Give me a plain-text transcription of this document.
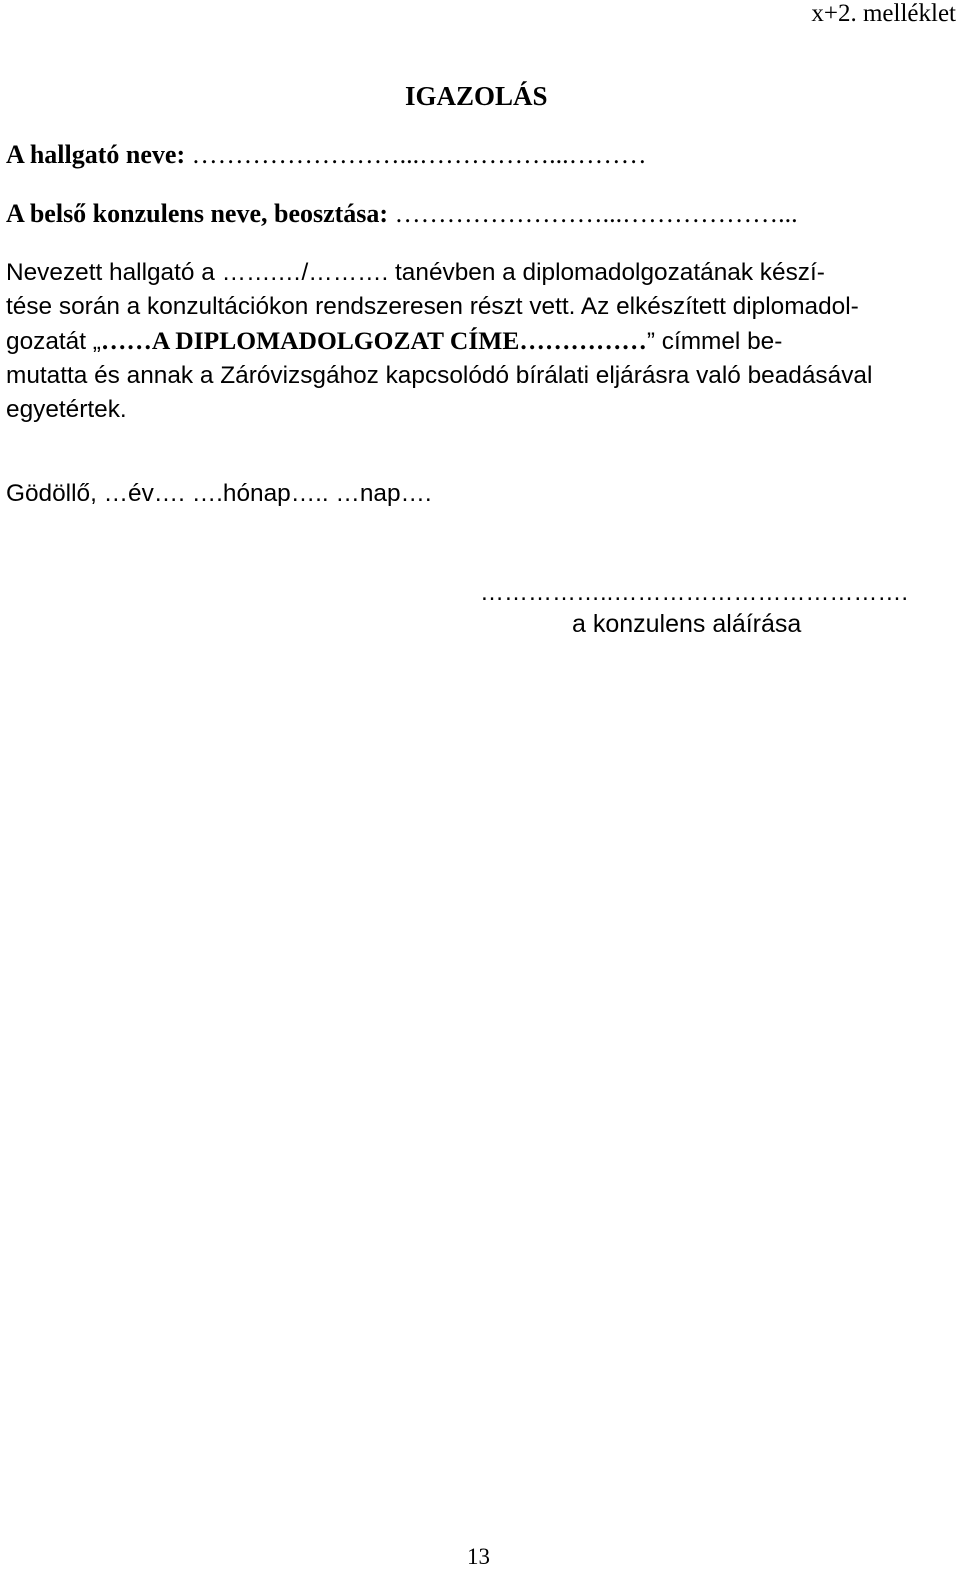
x+2. melléklet
IGAZOLÁS
A hallgató neve: ……………………...……………...………
A belső konzulens neve, beosztása: ……………………...………………...
Nevezett hallgató a …….…/………. tanévben a diplomadolgozatának készí-
tése során a konzultációkon rendszeresen részt vett. Az elkészített diplomadol-
gozatát „……A DIPLOMADOLGOZAT CÍME……………” címmel be-
mutatta és annak a Záróvizsgához kapcsolódó bírálati eljárásra való beadásával
egyetértek.
Gödöllő, …év…. ….hónap….. …nap….
……………..……………………………….
a konzulens aláírása
13
